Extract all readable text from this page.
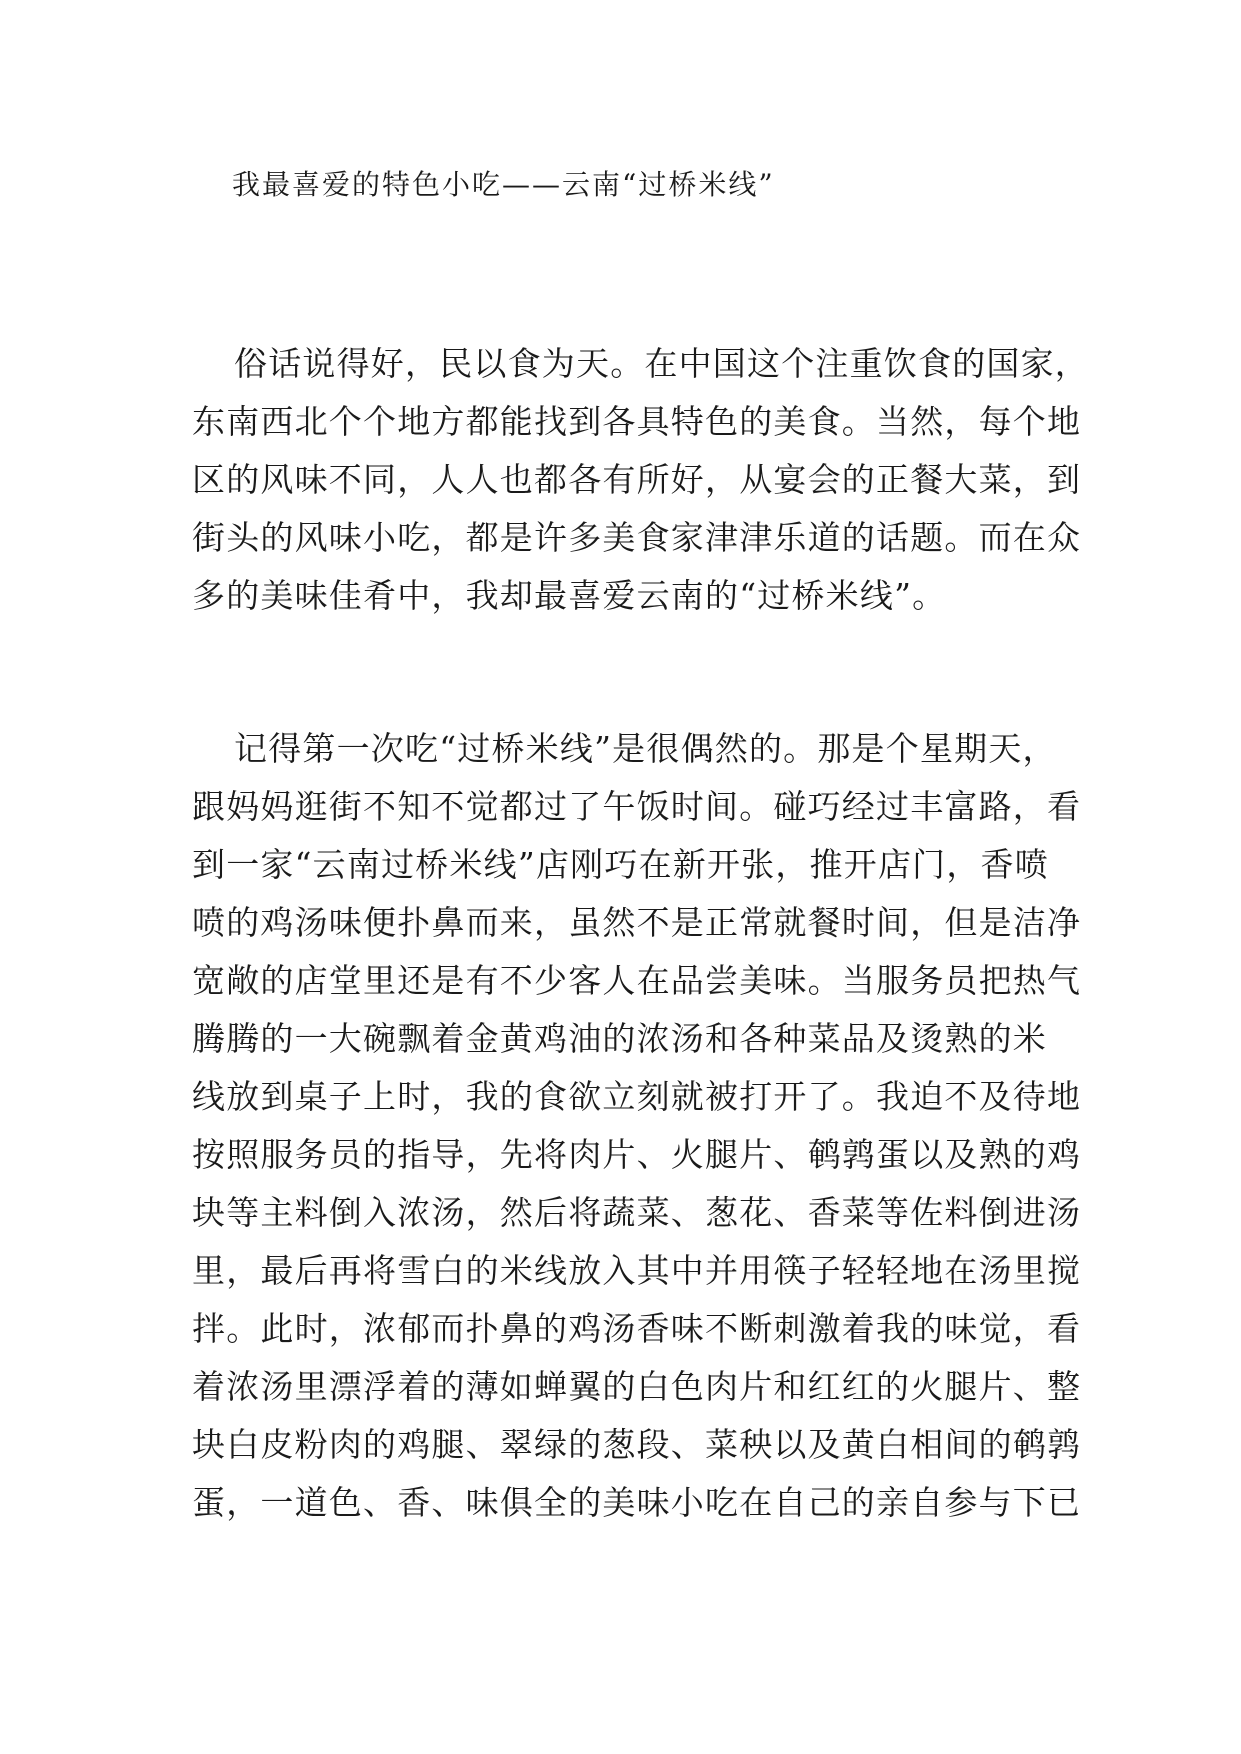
我最喜爱的特色小吃——云南“过桥米线”

俗话说得好，民以食为天。在中国这个注重饮食的国家，
东南西北个个地方都能找到各具特色的美食。当然，每个地
区的风味不同，人人也都各有所好，从宴会的正餐大菜，到
街头的风味小吃，都是许多美食家津津乐道的话题。而在众
多的美味佳肴中，我却最喜爱云南的“过桥米线”。

记得第一次吃“过桥米线”是很偶然的。那是个星期天，
跟妈妈逛街不知不觉都过了午饭时间。碰巧经过丰富路，看
到一家“云南过桥米线”店刚巧在新开张，推开店门，香喷
喷的鸡汤味便扑鼻而来，虽然不是正常就餐时间，但是洁净
宽敞的店堂里还是有不少客人在品尝美味。当服务员把热气
腾腾的一大碗飘着金黄鸡油的浓汤和各种菜品及烫熟的米
线放到桌子上时，我的食欲立刻就被打开了。我迫不及待地
按照服务员的指导，先将肉片、火腿片、鹌鹑蛋以及熟的鸡
块等主料倒入浓汤，然后将蔬菜、葱花、香菜等佐料倒进汤
里，最后再将雪白的米线放入其中并用筷子轻轻地在汤里搅
拌。此时，浓郁而扑鼻的鸡汤香味不断刺激着我的味觉，看
着浓汤里漂浮着的薄如蝉翼的白色肉片和红红的火腿片、整
块白皮粉肉的鸡腿、翠绿的葱段、菜秧以及黄白相间的鹌鹑
蛋，一道色、香、味俱全的美味小吃在自己的亲自参与下已
